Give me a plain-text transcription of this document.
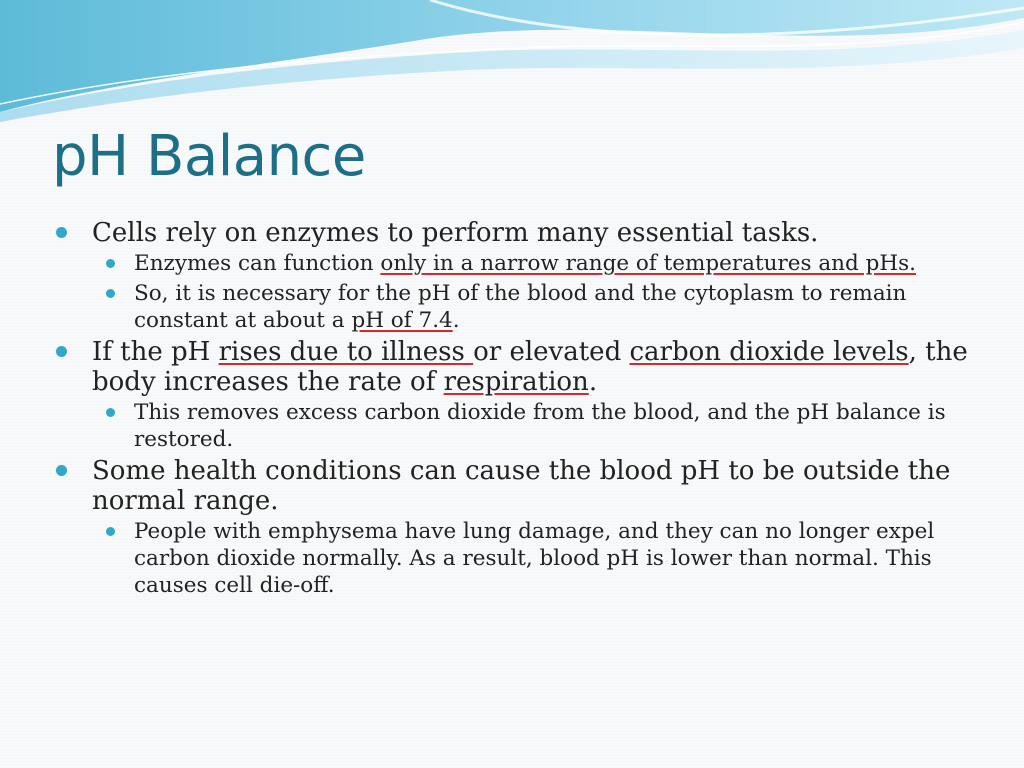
pH Balance
Cells rely on enzymes to perform many essential tasks.
Enzymes can function only in a narrow range of temperatures and pHs.
So, it is necessary for the pH of the blood and the cytoplasm to remain constant at about a pH of 7.4.
If the pH rises due to illness or elevated carbon dioxide levels, the body increases the rate of respiration.
This removes excess carbon dioxide from the blood, and the pH balance is restored.
Some health conditions can cause the blood pH to be outside the normal range.
People with emphysema have lung damage, and they can no longer expel carbon dioxide normally. As a result, blood pH is lower than normal. This causes cell die-off.
